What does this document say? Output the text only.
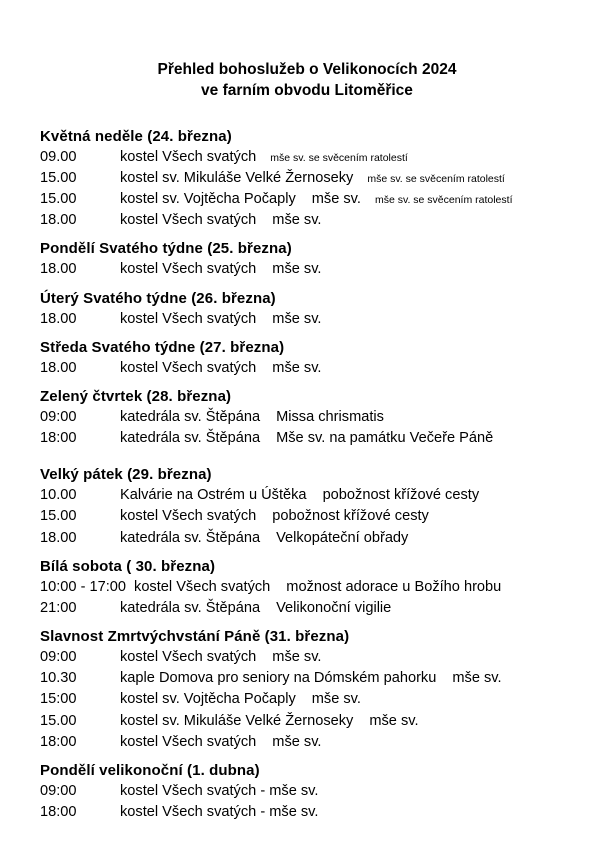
Přehled bohoslužeb o Velikonocích 2024
ve farním obvodu Litoměřice
Květná neděle (24. března)
09.00	kostel Všech svatých mše sv. se svěcením ratolestí
15.00	kostel sv. Mikuláše Velké Žernoseky mše sv. se svěcením ratolestí
15.00	kostel sv. Vojtěcha Počaply mše sv. mše sv. se svěcením ratolestí
18.00	kostel Všech svatých mše sv.
Pondělí Svatého týdne (25. března)
18.00	kostel Všech svatých mše sv.
Úterý Svatého týdne (26. března)
18.00	kostel Všech svatých mše sv.
Středa Svatého týdne (27. března)
18.00	kostel Všech svatých mše sv.
Zelený čtvrtek (28. března)
09:00	katedrála sv. Štěpána Missa chrismatis
18:00	katedrála sv. Štěpána Mše sv. na památku Večeře Páně
Velký pátek (29. března)
10.00	Kalvárie na Ostrém u Úštěka pobožnost křížové cesty
15.00	kostel Všech svatých pobožnost křížové cesty
18.00	katedrála sv. Štěpána Velkopáteční obřady
Bílá sobota ( 30. března)
10:00 - 17:00 kostel Všech svatých možnost adorace u Božího hrobu
21:00	katedrála sv. Štěpána Velikonoční vigilie
Slavnost Zmrtvýchvstání Páně (31. března)
09:00	kostel Všech svatých mše sv.
10.30	kaple Domova pro seniory na Dómském pahorku mše sv.
15:00	kostel sv. Vojtěcha Počaply mše sv.
15.00	kostel sv. Mikuláše Velké Žernoseky mše sv.
18:00	kostel Všech svatých mše sv.
Pondělí velikonoční (1. dubna)
09:00	kostel Všech svatých - mše sv.
18:00	kostel Všech svatých - mše sv.
